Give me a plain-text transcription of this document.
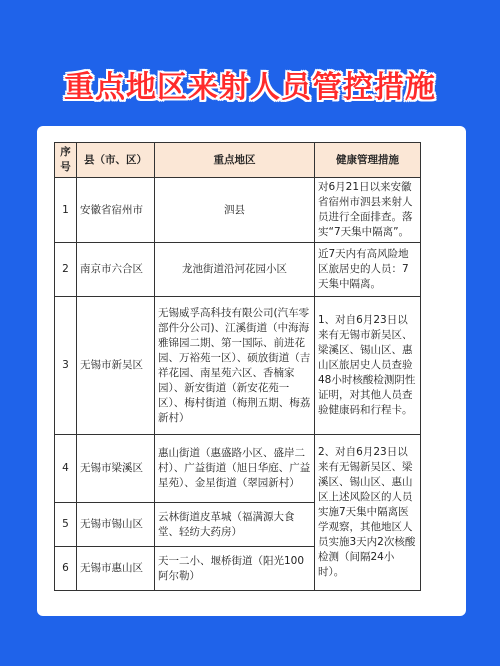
重点地区来射人员管控措施
序号	县（市、区）	重点地区	健康管理措施
1	安徽省宿州市	泗县	对6月21日以来安徽省宿州市泗县来射人员进行全面排查。落实“7天集中隔离”。
2	南京市六合区	龙池街道沿河花园小区	近7天内有高风险地区旅居史的人员：7天集中隔离。
3	无锡市新吴区	无锡威孚高科技有限公司(汽车零部件分公司)、江溪街道（中海海雅锦园二期、第一国际、前进花园、万裕苑一区）、硕放街道（吉祥花园、南星苑六区、香楠家园）、新安街道（新安花苑一区）、梅村街道（梅荆五期、梅荔新村）	1、对自6月23日以来有无锡市新吴区、梁溪区、锡山区、惠山区旅居史人员查验48小时核酸检测阴性证明，对其他人员查验健康码和行程卡。
4	无锡市梁溪区	惠山街道（惠盛路小区、盛岸二村）、广益街道（旭日华庭、广益星苑）、金星街道（翠园新村）	2、对自6月23日以来有无锡新吴区、梁溪区、锡山区、惠山区上述风险区的人员实施7天集中隔离医学观察，其他地区人员实施3天内2次核酸检测（间隔24小时）。
5	无锡市锡山区	云林街道皮革城（福满源大食堂、轻纺大药房）	
6	无锡市惠山区	天一二小、堰桥街道（阳光100阿尔勒）	
